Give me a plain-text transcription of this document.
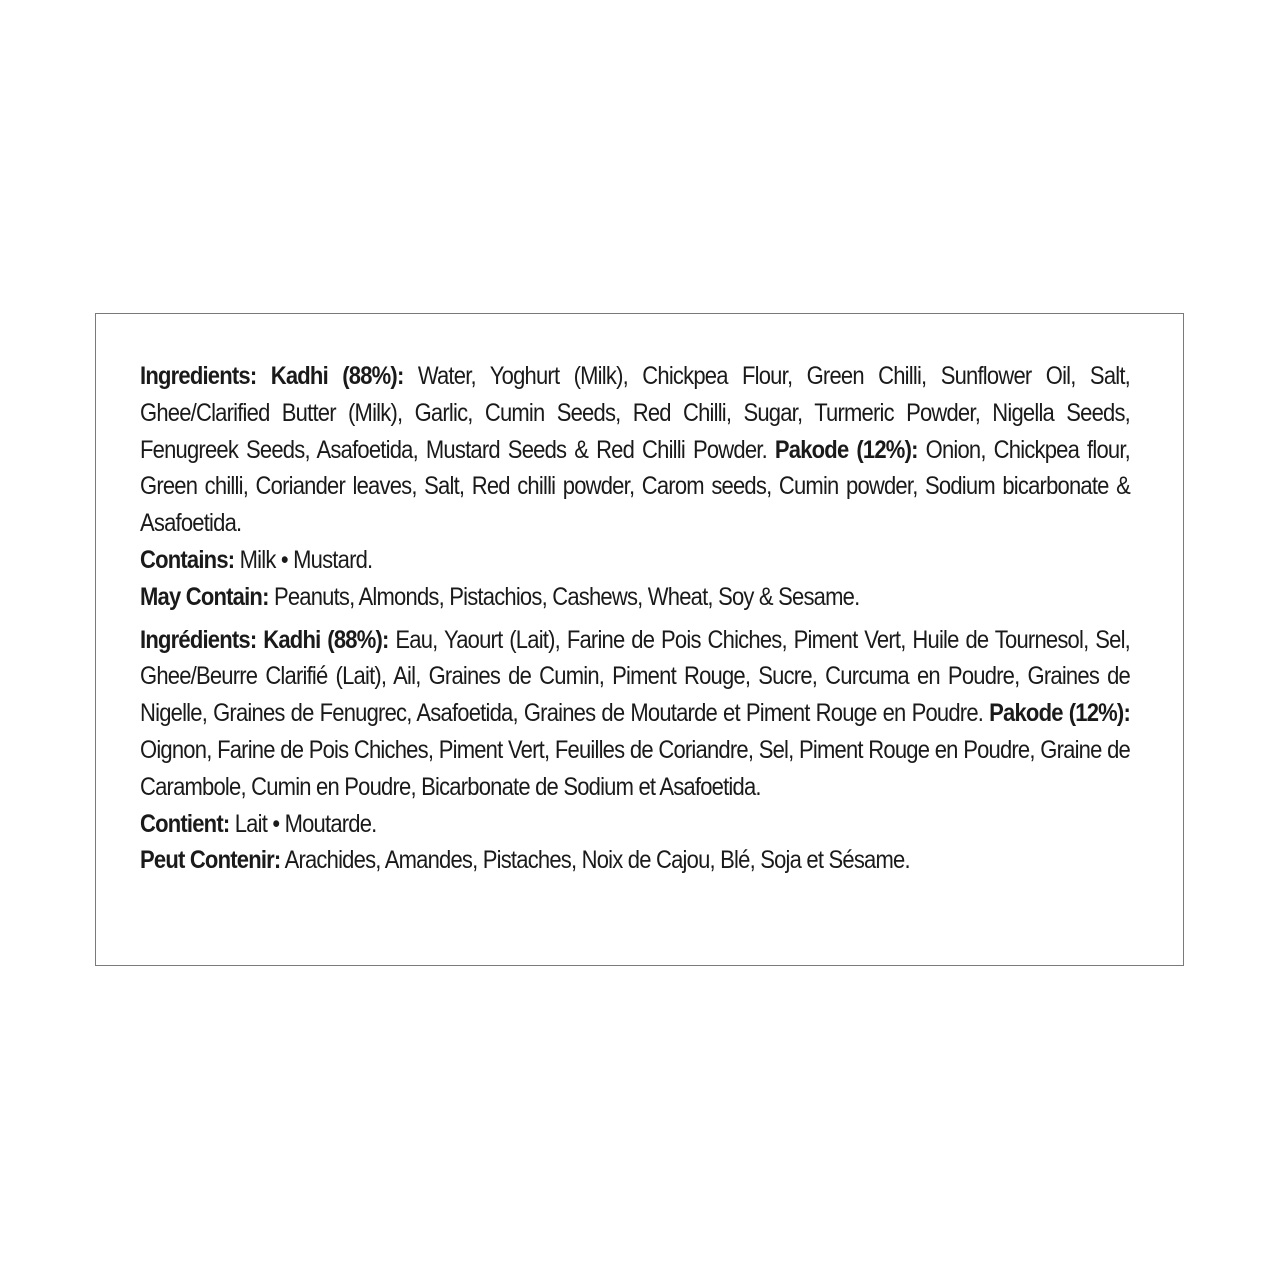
Ingredients: Kadhi (88%): Water, Yoghurt (Milk), Chickpea Flour, Green Chilli, Sunflower Oil, Salt, Ghee/Clarified Butter (Milk), Garlic, Cumin Seeds, Red Chilli, Sugar, Turmeric Powder, Nigella Seeds, Fenugreek Seeds, Asafoetida, Mustard Seeds & Red Chilli Powder. Pakode (12%): Onion, Chickpea flour, Green chilli, Coriander leaves, Salt, Red chilli powder, Carom seeds, Cumin powder, Sodium bicarbonate & Asafoetida.

Contains: Milk • Mustard.

May Contain: Peanuts, Almonds, Pistachios, Cashews, Wheat, Soy & Sesame.

Ingrédients: Kadhi (88%): Eau, Yaourt (Lait), Farine de Pois Chiches, Piment Vert, Huile de Tournesol, Sel, Ghee/Beurre Clarifié (Lait), Ail, Graines de Cumin, Piment Rouge, Sucre, Curcuma en Poudre, Graines de Nigelle, Graines de Fenugrec, Asafoetida, Graines de Moutarde et Piment Rouge en Poudre. Pakode (12%): Oignon, Farine de Pois Chiches, Piment Vert, Feuilles de Coriandre, Sel, Piment Rouge en Poudre, Graine de Carambole, Cumin en Poudre, Bicarbonate de Sodium et Asafoetida.

Contient: Lait • Moutarde.

Peut Contenir: Arachides, Amandes, Pistaches, Noix de Cajou, Blé, Soja et Sésame.
